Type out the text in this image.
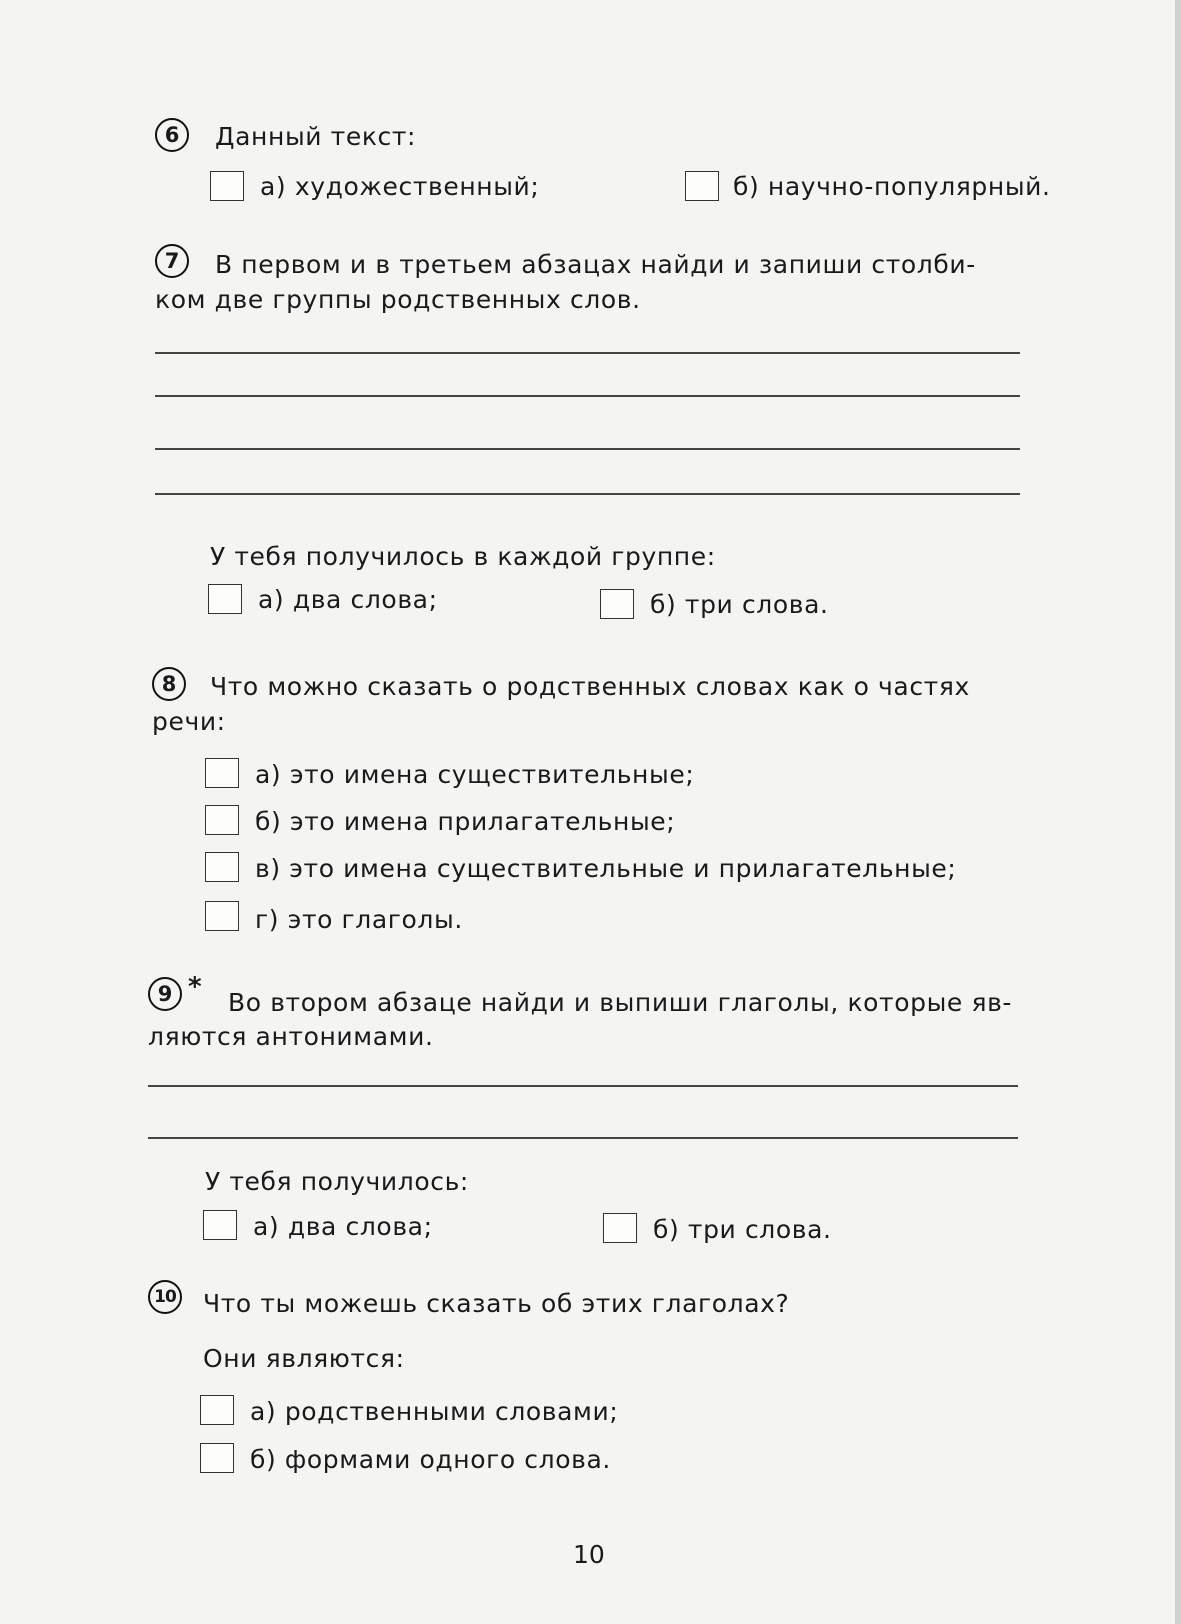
6	Данный текст:
а) художественный;	б) научно-популярный.
7	В первом и в третьем абзацах найди и запиши столби-
ком две группы родственных слов.
У тебя получилось в каждой группе:
а) два слова;	б) три слова.
8	Что можно сказать о родственных словах как о частях
речи:
а) это имена существительные;
б) это имена прилагательные;
в) это имена существительные и прилагательные;
г) это глаголы.
9 *
Во втором абзаце найди и выпиши глаголы, которые яв-
ляются антонимами.
У тебя получилось:
а) два слова;	б) три слова.
10 Что ты можешь сказать об этих глаголах?
Они являются:
а) родственными словами;
б) формами одного слова.
10
